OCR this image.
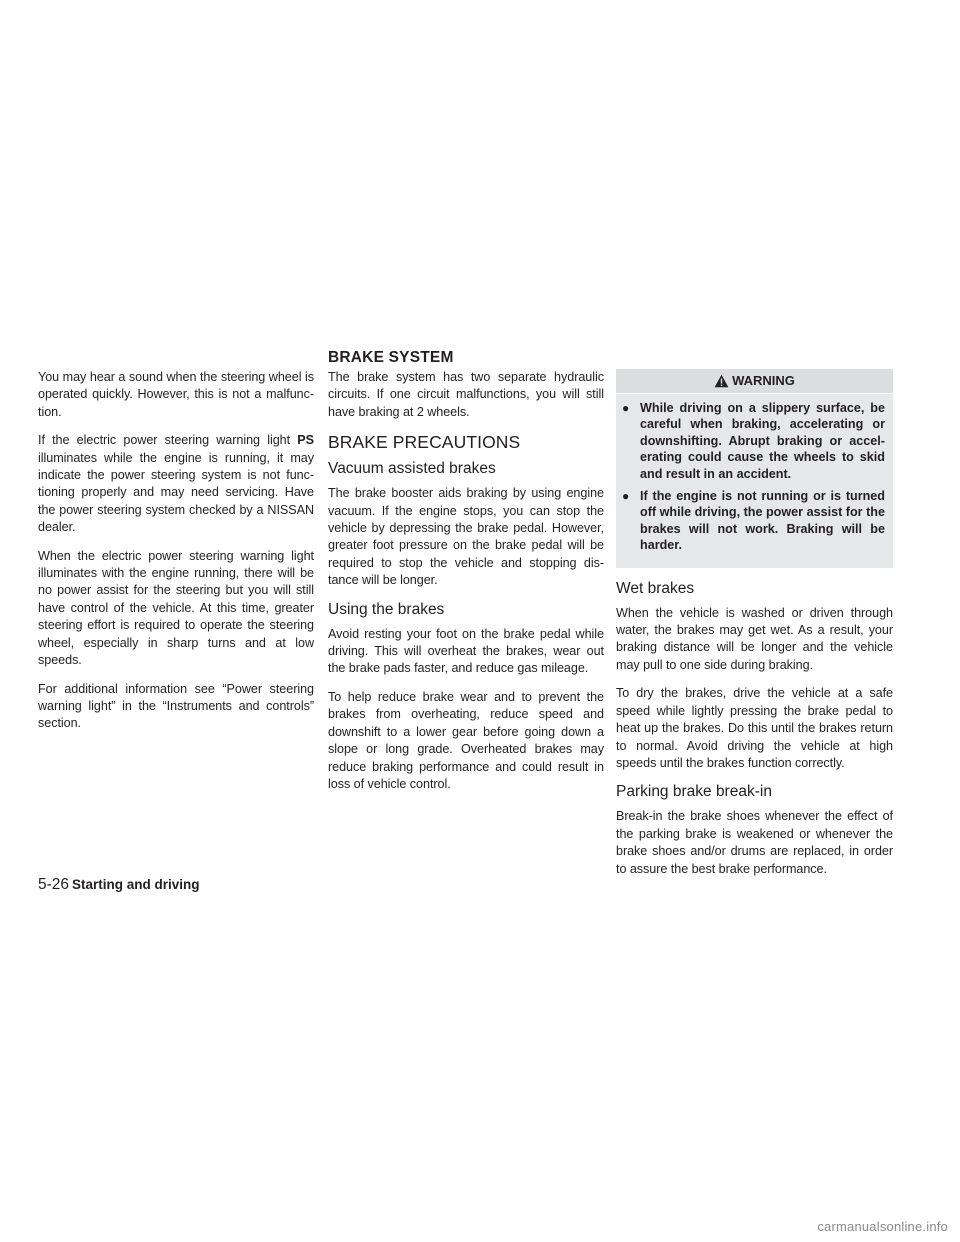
BRAKE SYSTEM

You may hear a sound when the steering wheel is operated quickly. However, this is not a malfunc-tion.

If the electric power steering warning light PS illuminates while the engine is running, it may indicate the power steering system is not func-tioning properly and may need servicing. Have the power steering system checked by a NISSAN dealer.

When the electric power steering warning light illuminates with the engine running, there will be no power assist for the steering but you will still have control of the vehicle. At this time, greater steering effort is required to operate the steering wheel, especially in sharp turns and at low speeds.

For additional information see “Power steering warning light” in the “Instruments and controls” section.

The brake system has two separate hydraulic circuits. If one circuit malfunctions, you will still have braking at 2 wheels.

BRAKE PRECAUTIONS
Vacuum assisted brakes

The brake booster aids braking by using engine vacuum. If the engine stops, you can stop the vehicle by depressing the brake pedal. However, greater foot pressure on the brake pedal will be required to stop the vehicle and stopping dis-tance will be longer.

Using the brakes

Avoid resting your foot on the brake pedal while driving. This will overheat the brakes, wear out the brake pads faster, and reduce gas mileage.

To help reduce brake wear and to prevent the brakes from overheating, reduce speed and downshift to a lower gear before going down a slope or long grade. Overheated brakes may reduce braking performance and could result in loss of vehicle control.

WARNING
● While driving on a slippery surface, be careful when braking, accelerating or downshifting. Abrupt braking or accel-erating could cause the wheels to skid and result in an accident.
● If the engine is not running or is turned off while driving, the power assist for the brakes will not work. Braking will be harder.
Wet brakes

When the vehicle is washed or driven through water, the brakes may get wet. As a result, your braking distance will be longer and the vehicle may pull to one side during braking.

To dry the brakes, drive the vehicle at a safe speed while lightly pressing the brake pedal to heat up the brakes. Do this until the brakes return to normal. Avoid driving the vehicle at high speeds until the brakes function correctly.

Parking brake break-in

Break-in the brake shoes whenever the effect of the parking brake is weakened or whenever the brake shoes and/or drums are replaced, in order to assure the best brake performance.

5-26 Starting and driving
carmanualsonline.info
